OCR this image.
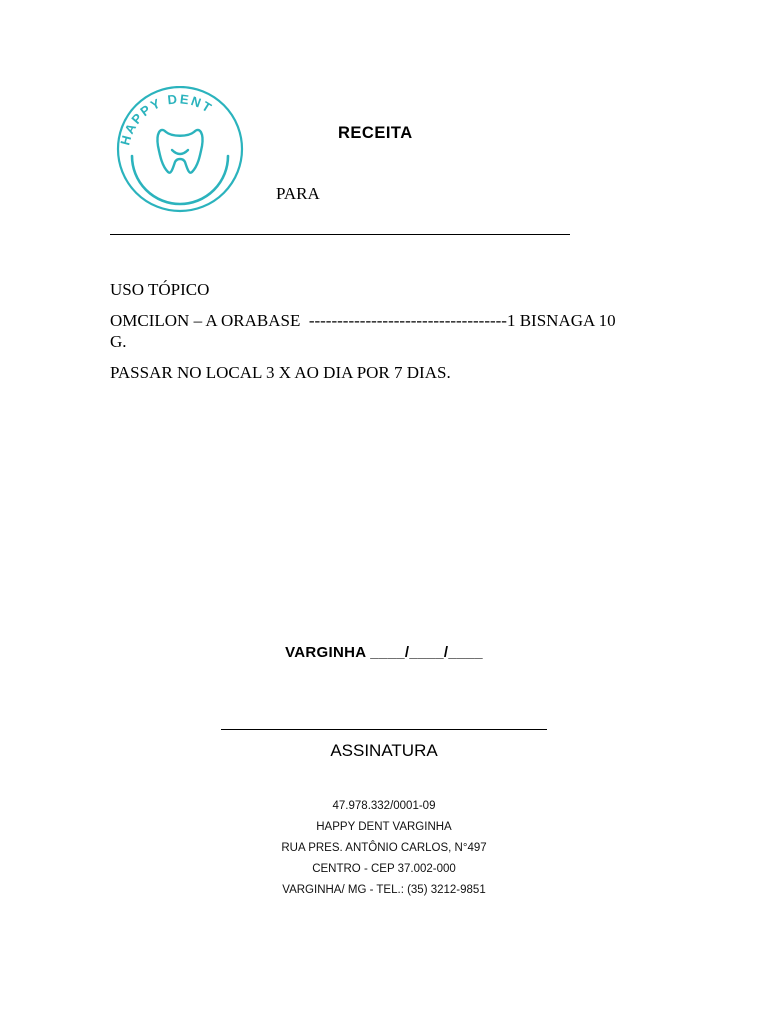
HAPPY DENT
RECEITA
PARA
USO TÓPICO
OMCILON – A ORABASE  -----------------------------------1 BISNAGA 10
G.
PASSAR NO LOCAL 3 X AO DIA POR 7 DIAS.
VARGINHA ____/____/____
ASSINATURA
47.978.332/0001-09
HAPPY DENT VARGINHA
RUA PRES. ANTÔNIO CARLOS, N°497
CENTRO - CEP 37.002-000
VARGINHA/ MG - TEL.: (35) 3212-9851
